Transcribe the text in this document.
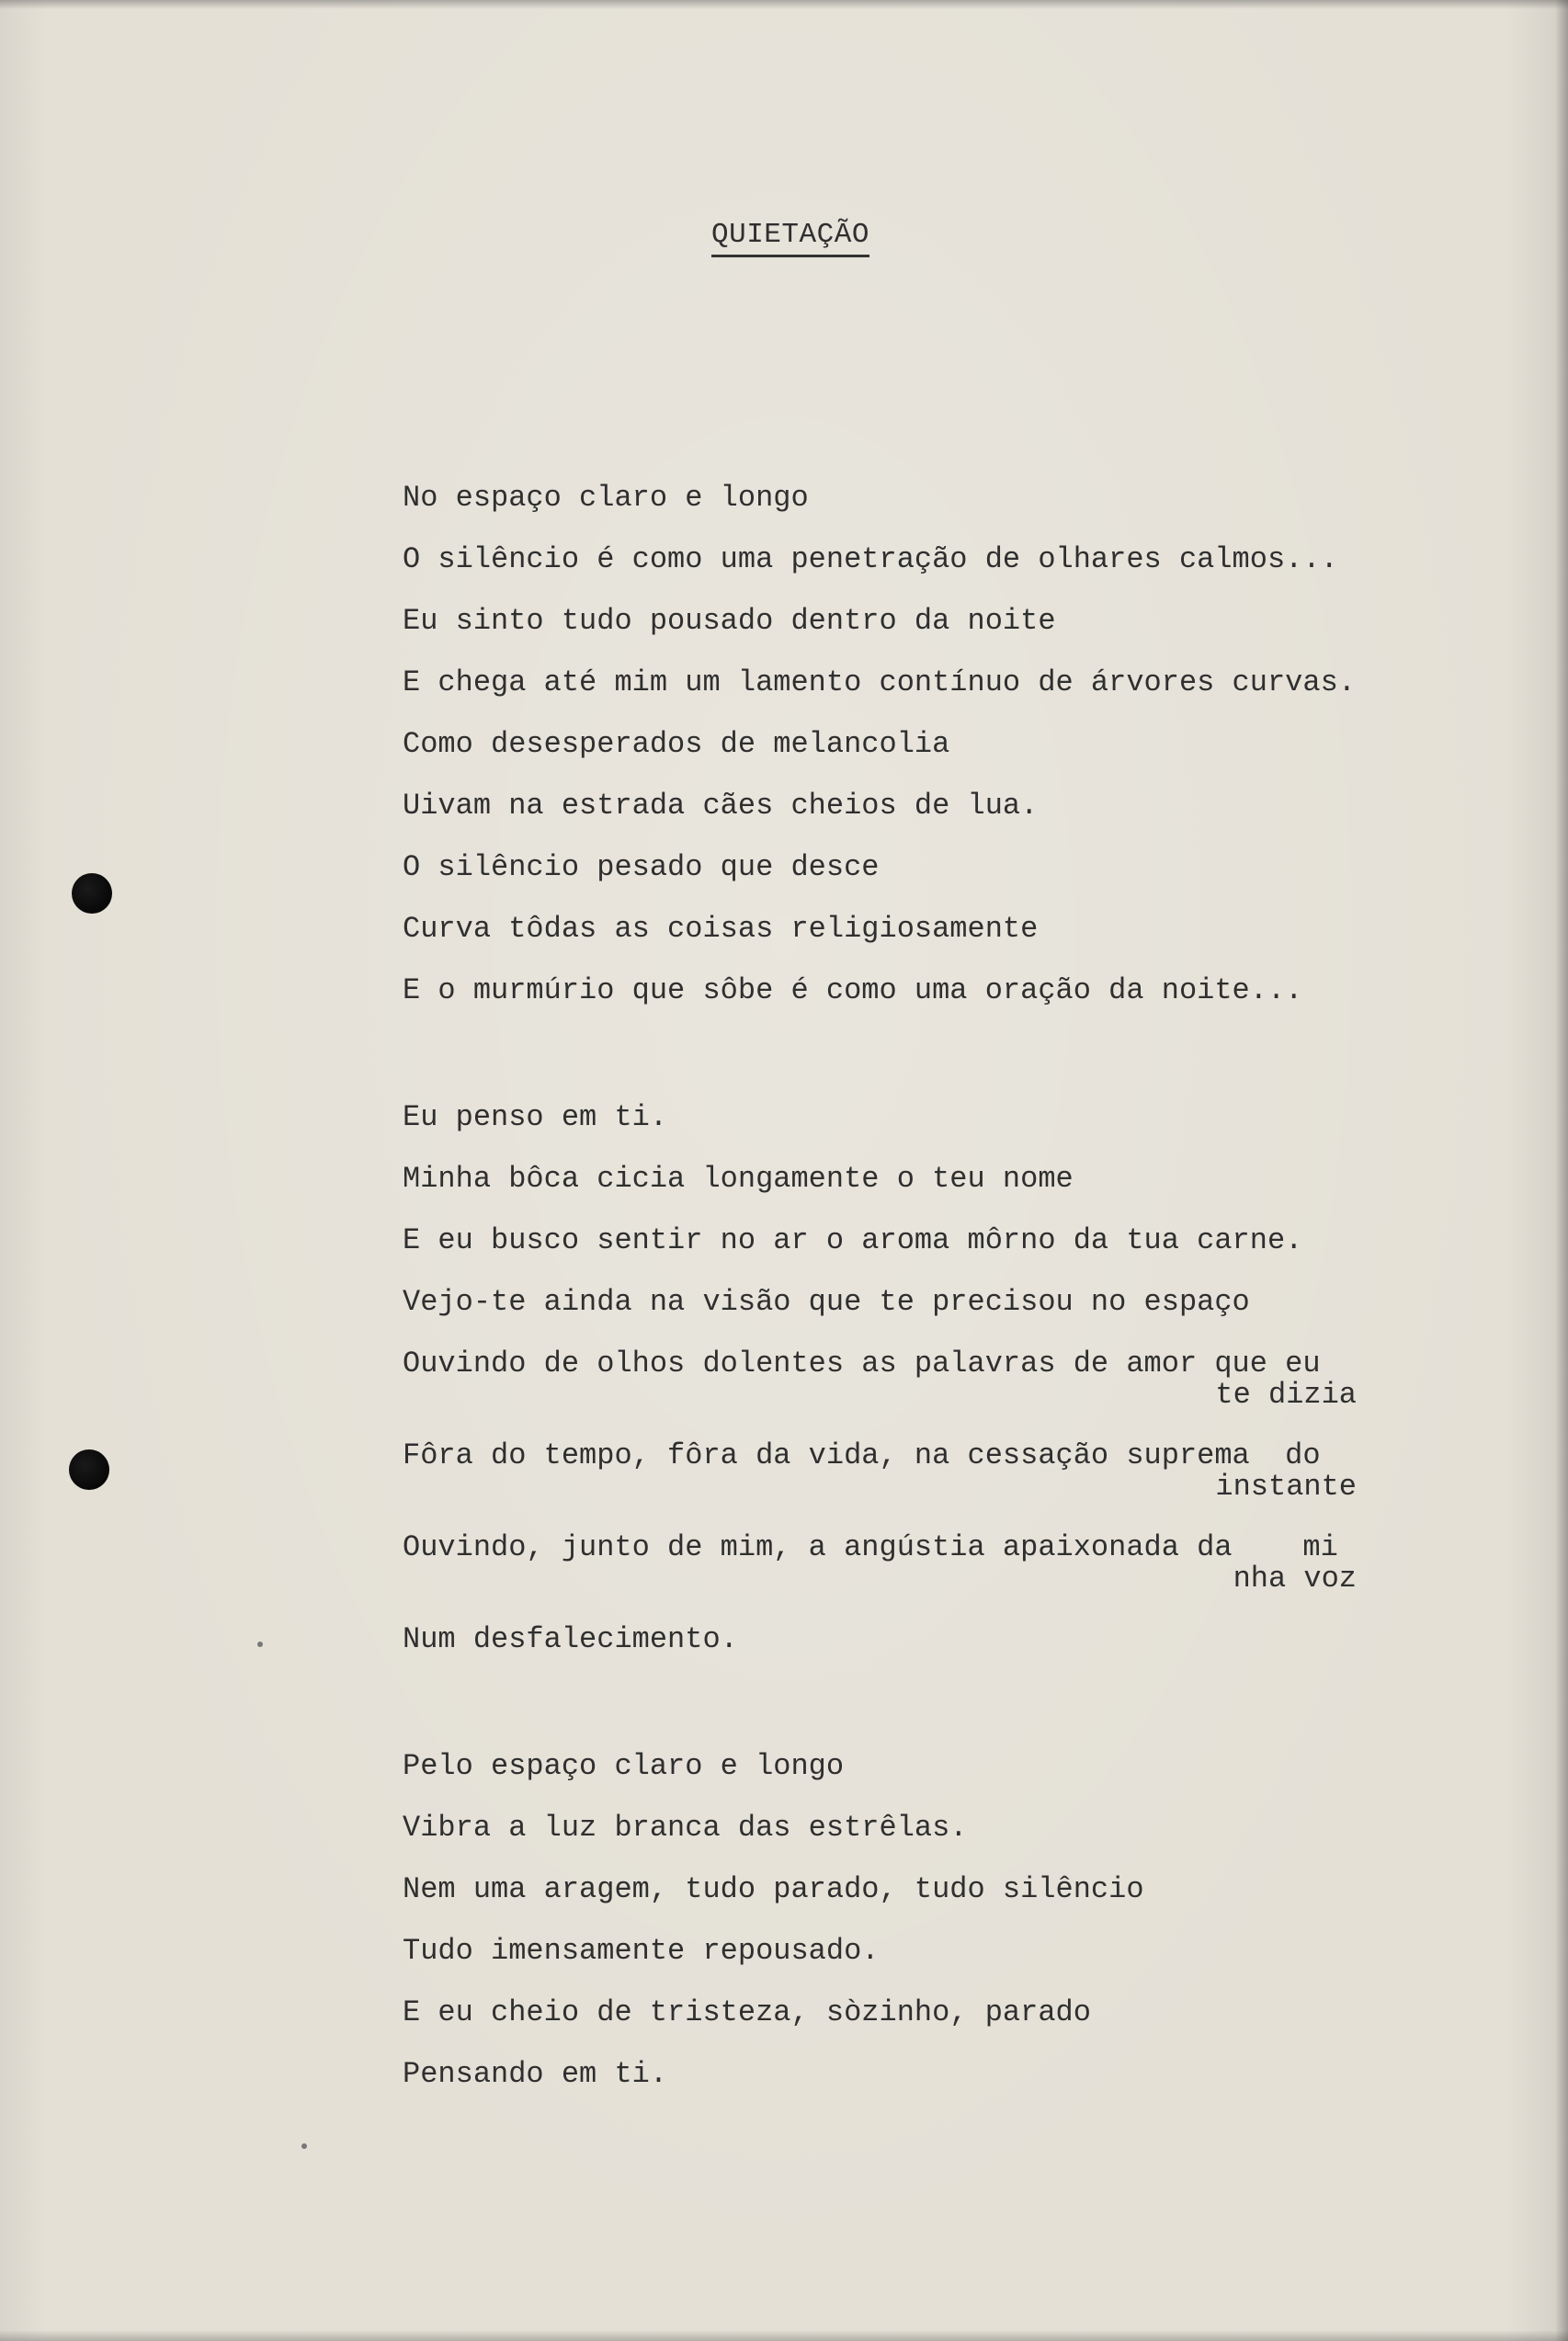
QUIETAÇÃO
No espaço claro e longo
O silêncio é como uma penetração de olhares calmos...
Eu sinto tudo pousado dentro da noite
E chega até mim um lamento contínuo de árvores curvas.
Como desesperados de melancolia
Uivam na estrada cães cheios de lua.
O silêncio pesado que desce
Curva tôdas as coisas religiosamente
E o murmúrio que sôbe é como uma oração da noite...
Eu penso em ti.
Minha bôca cicia longamente o teu nome
E eu busco sentir no ar o aroma môrno da tua carne.
Vejo-te ainda na visão que te precisou no espaço
Ouvindo de olhos dolentes as palavras de amor que eu
te dizia
Fôra do tempo, fôra da vida, na cessação suprema  do
instante
Ouvindo, junto de mim, a angústia apaixonada da    mi
nha voz
Num desfalecimento.
Pelo espaço claro e longo
Vibra a luz branca das estrêlas.
Nem uma aragem, tudo parado, tudo silêncio
Tudo imensamente repousado.
E eu cheio de tristeza, sòzinho, parado
Pensando em ti.
